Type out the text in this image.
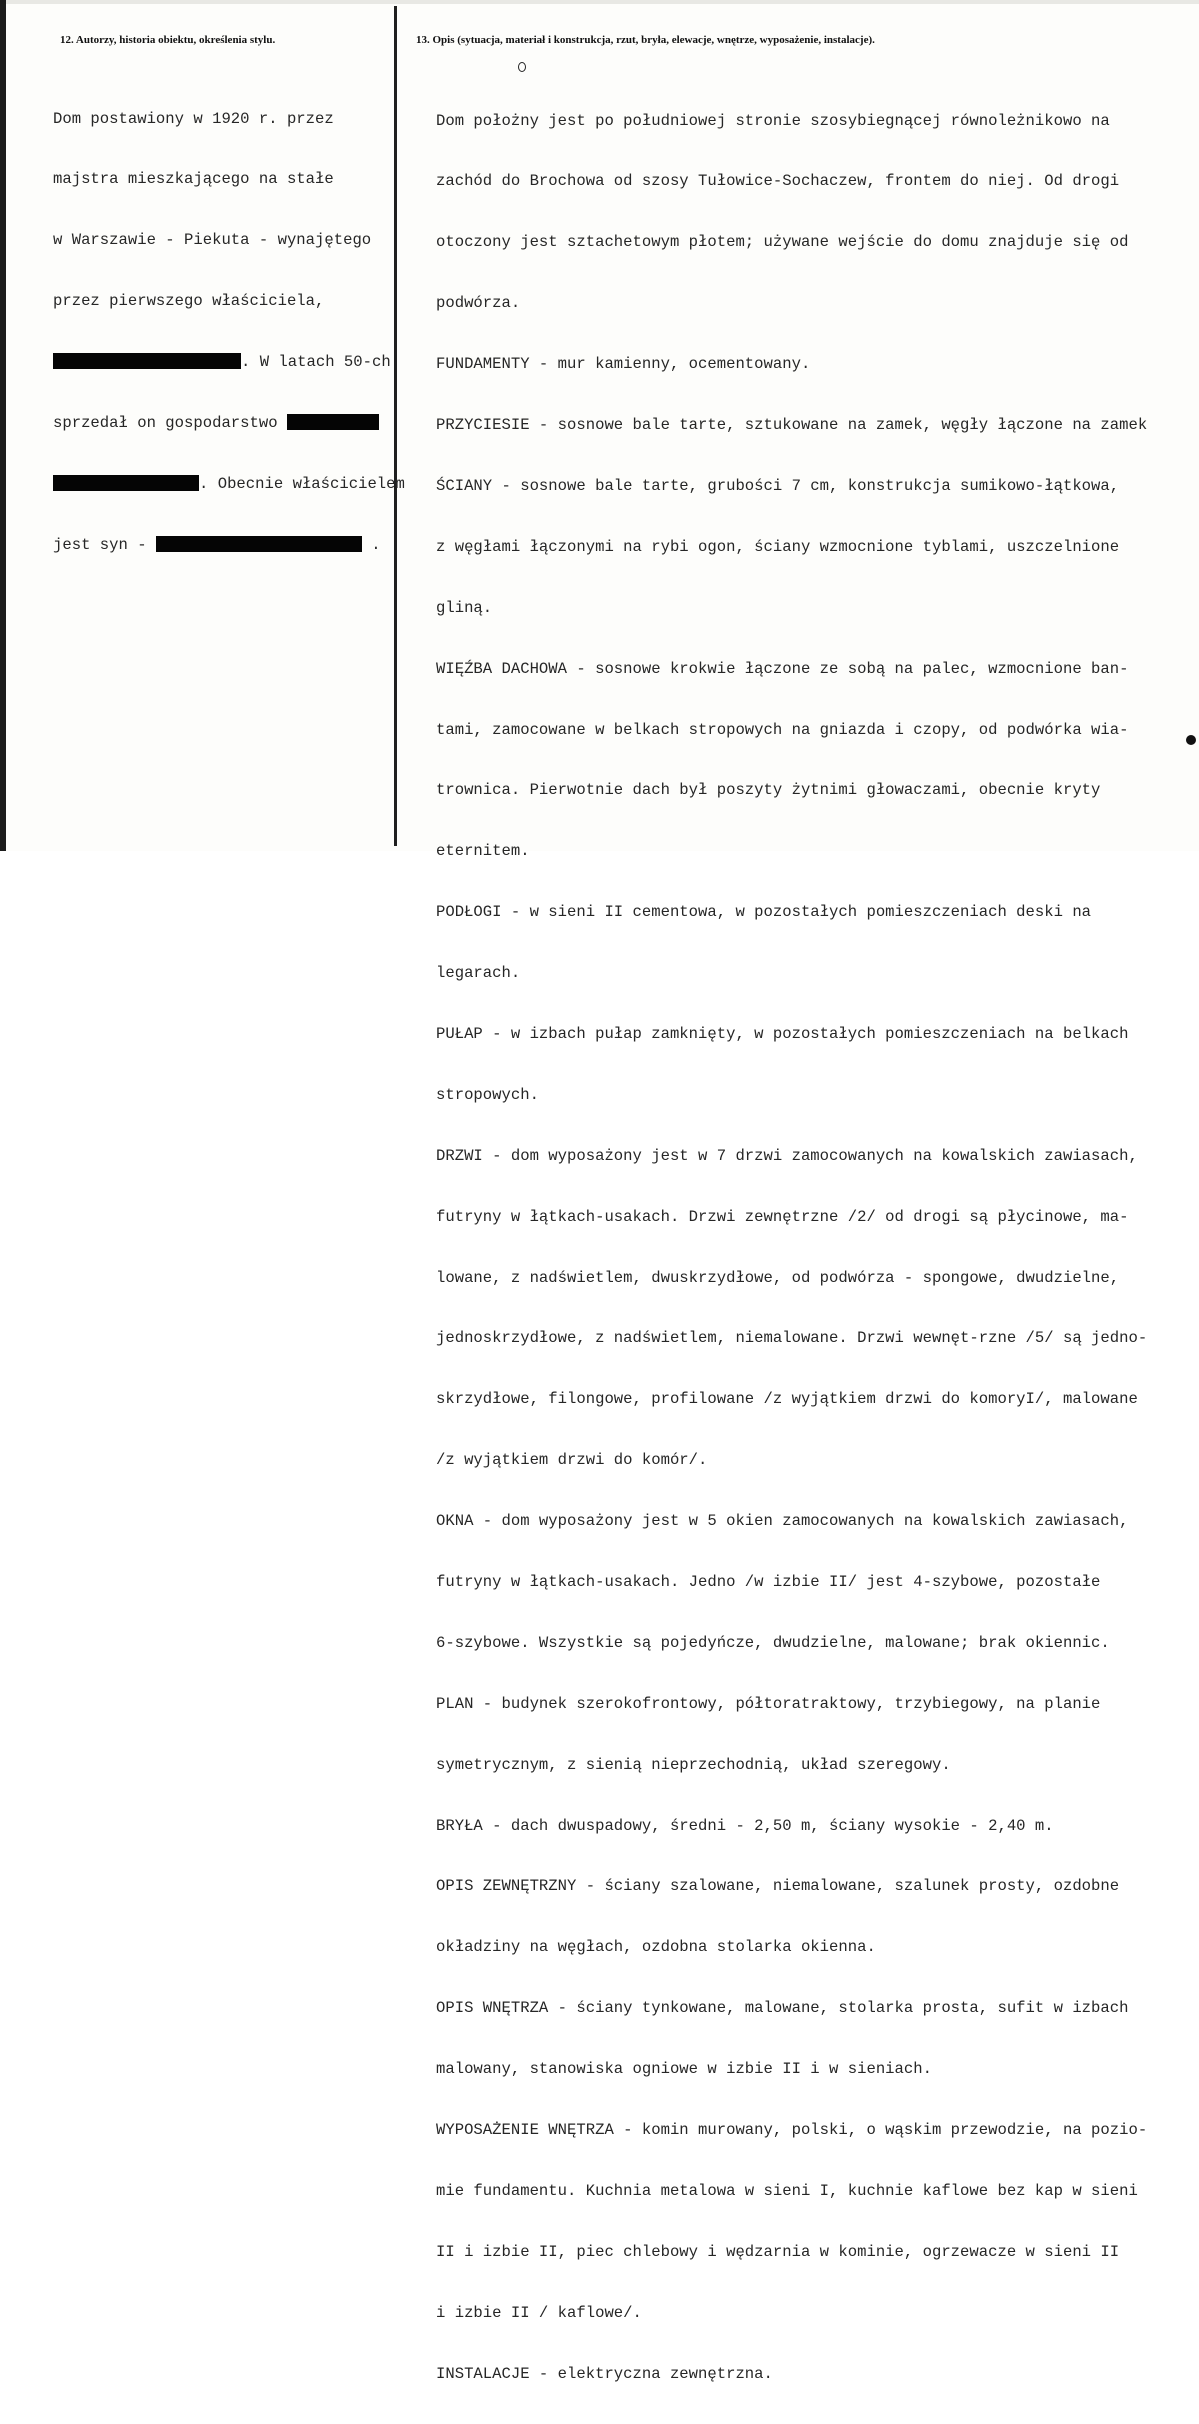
12. Autorzy, historia obiektu, określenia stylu.	13. Opis (sytuacja, materiał i konstrukcja, rzut, bryła, elewacje, wnętrze, wyposażenie, instalacje).

Dom postawiony w 1920 r. przez

majstra mieszkającego na stałe

w Warszawie - Piekuta - wynajętego

przez pierwszego właściciela,

. W latach 50-ch

sprzedał on gospodarstwo

. Obecnie właścicielem

jest syn -	.

Dom położny jest po południowej stronie szosybiegnącej równoleżnikowo na

zachód do Brochowa od szosy Tułowice-Sochaczew, frontem do niej. Od drogi

otoczony jest sztachetowym płotem; używane wejście do domu znajduje się od

podwórza.

FUNDAMENTY - mur kamienny, ocementowany.

PRZYCIESIE - sosnowe bale tarte, sztukowane na zamek, węgły łączone na zamek

ŚCIANY - sosnowe bale tarte, grubości 7 cm, konstrukcja sumikowo-łątkowa,

z węgłami łączonymi na rybi ogon, ściany wzmocnione tyblami, uszczelnione

gliną.

WIĘŹBA DACHOWA - sosnowe krokwie łączone ze sobą na palec, wzmocnione ban-

tami, zamocowane w belkach stropowych na gniazda i czopy, od podwórka wia-

trownica. Pierwotnie dach był poszyty żytnimi głowaczami, obecnie kryty

eternitem.

PODŁOGI - w sieni II cementowa, w pozostałych pomieszczeniach deski na

legarach.

PUŁAP - w izbach pułap zamknięty, w pozostałych pomieszczeniach na belkach

stropowych.

DRZWI - dom wyposażony jest w 7 drzwi zamocowanych na kowalskich zawiasach,

futryny w łątkach-usakach. Drzwi zewnętrzne /2/ od drogi są płycinowe, ma-

lowane, z nadświetlem, dwuskrzydłowe, od podwórza - spongowe, dwudzielne,

jednoskrzydłowe, z nadświetlem, niemalowane. Drzwi wewnęt-rzne /5/ są jedno-

skrzydłowe, filongowe, profilowane /z wyjątkiem drzwi do komoryI/, malowane

/z wyjątkiem drzwi do komór/.

OKNA - dom wyposażony jest w 5 okien zamocowanych na kowalskich zawiasach,

futryny w łątkach-usakach. Jedno /w izbie II/ jest 4-szybowe, pozostałe

6-szybowe. Wszystkie są pojedyńcze, dwudzielne, malowane; brak okiennic.

PLAN - budynek szerokofrontowy, półtoratraktowy, trzybiegowy, na planie

symetrycznym, z sienią nieprzechodnią, układ szeregowy.

BRYŁA - dach dwuspadowy, średni - 2,50 m, ściany wysokie - 2,40 m.

OPIS ZEWNĘTRZNY - ściany szalowane, niemalowane, szalunek prosty, ozdobne

okładziny na węgłach, ozdobna stolarka okienna.

OPIS WNĘTRZA - ściany tynkowane, malowane, stolarka prosta, sufit w izbach

malowany, stanowiska ogniowe w izbie II i w sieniach.

WYPOSAŻENIE WNĘTRZA - komin murowany, polski, o wąskim przewodzie, na pozio-

mie fundamentu. Kuchnia metalowa w sieni I, kuchnie kaflowe bez kap w sieni

II i izbie II, piec chlebowy i wędzarnia w kominie, ogrzewacze w sieni II

i izbie II / kaflowe/.

INSTALACJE - elektryczna zewnętrzna.
